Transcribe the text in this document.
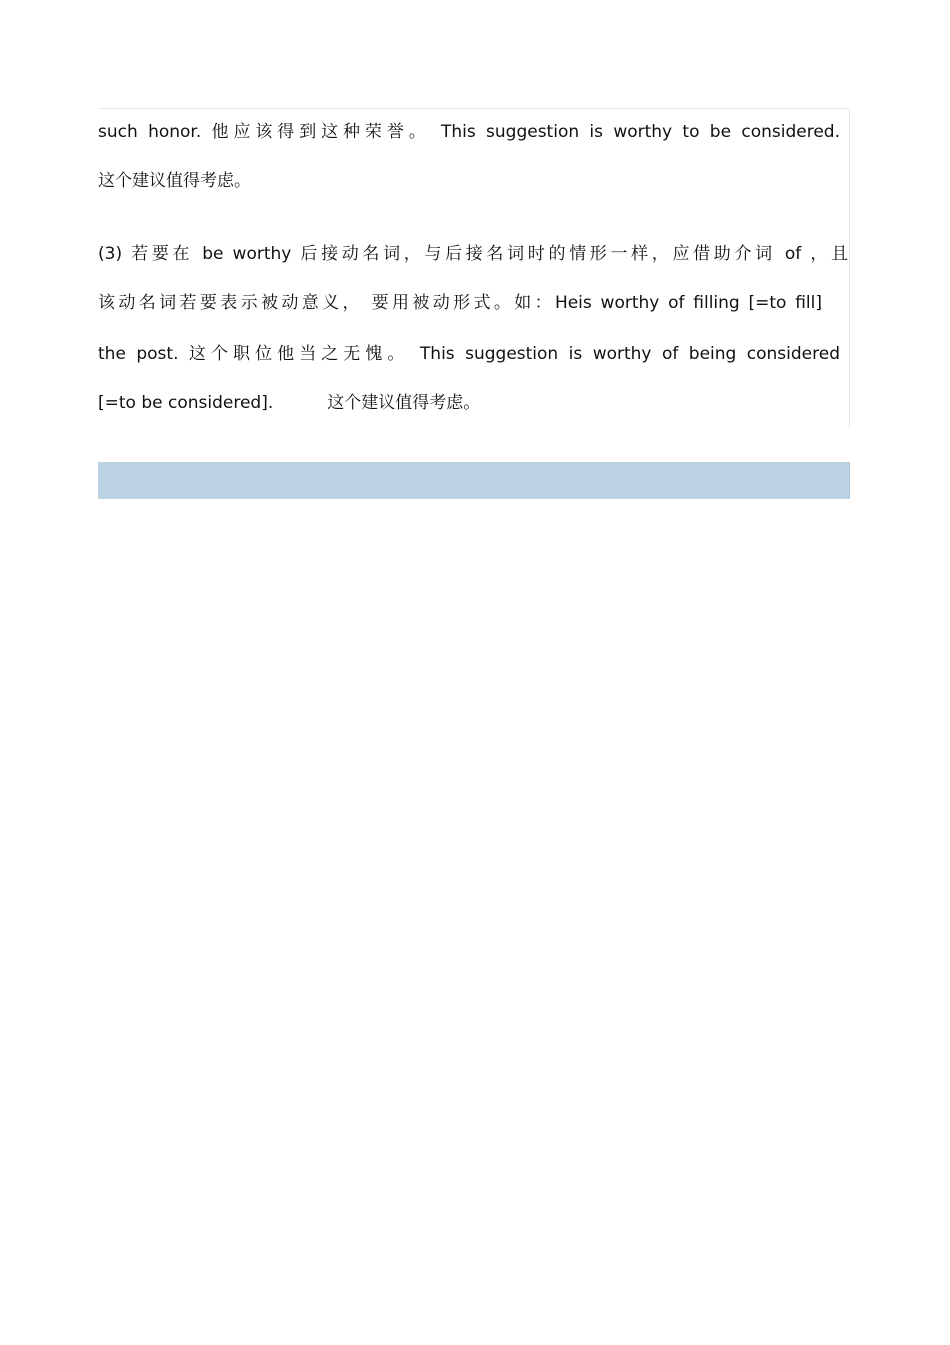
such honor. 他应该得到这种荣誉。 This suggestion is worthy to be considered.
这个建议值得考虑。
(3) 若要在 be worthy 后接动名词，与后接名词时的情形一样，应借助介词 of ，且
该动名词若要表示被动意义， 要用被动形式。如：Heis worthy of filling [=to fill]
the post. 这个职位他当之无愧。 This suggestion is worthy of being considered
[=to be considered].          这个建议值得考虑。
